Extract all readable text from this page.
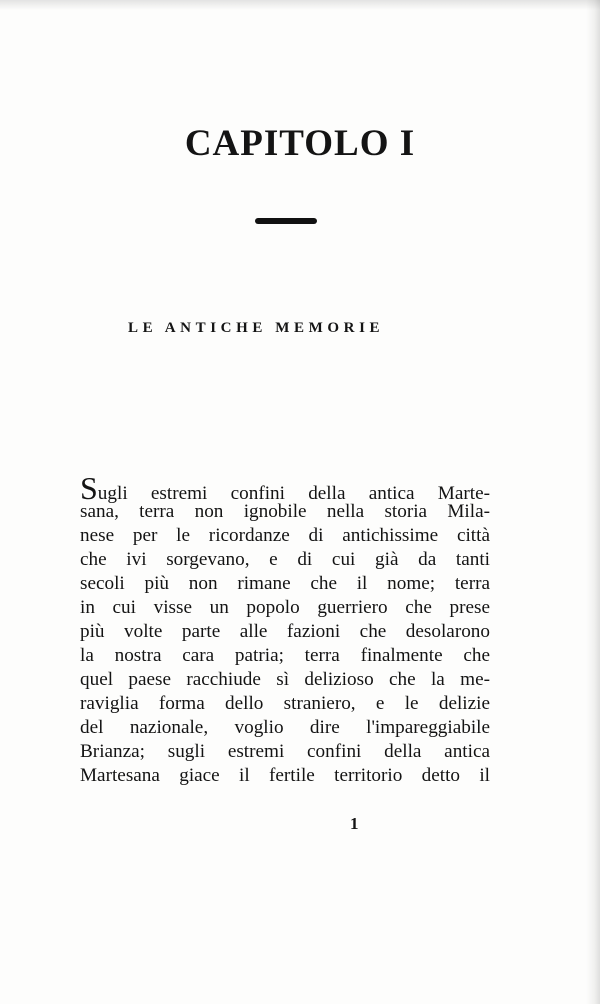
CAPITOLO I
LE ANTICHE MEMORIE
Sugli estremi confini della antica Marte-
sana, terra non ignobile nella storia Mila-
nese per le ricordanze di antichissime città
che ivi sorgevano, e di cui già da tanti
secoli più non rimane che il nome; terra
in cui visse un popolo guerriero che prese
più volte parte alle fazioni che desolarono
la nostra cara patria; terra finalmente che
quel paese racchiude sì delizioso che la me-
raviglia forma dello straniero, e le delizie
del nazionale, voglio dire l'impareggiabile
Brianza; sugli estremi confini della antica
Martesana giace il fertile territorio detto il
1
